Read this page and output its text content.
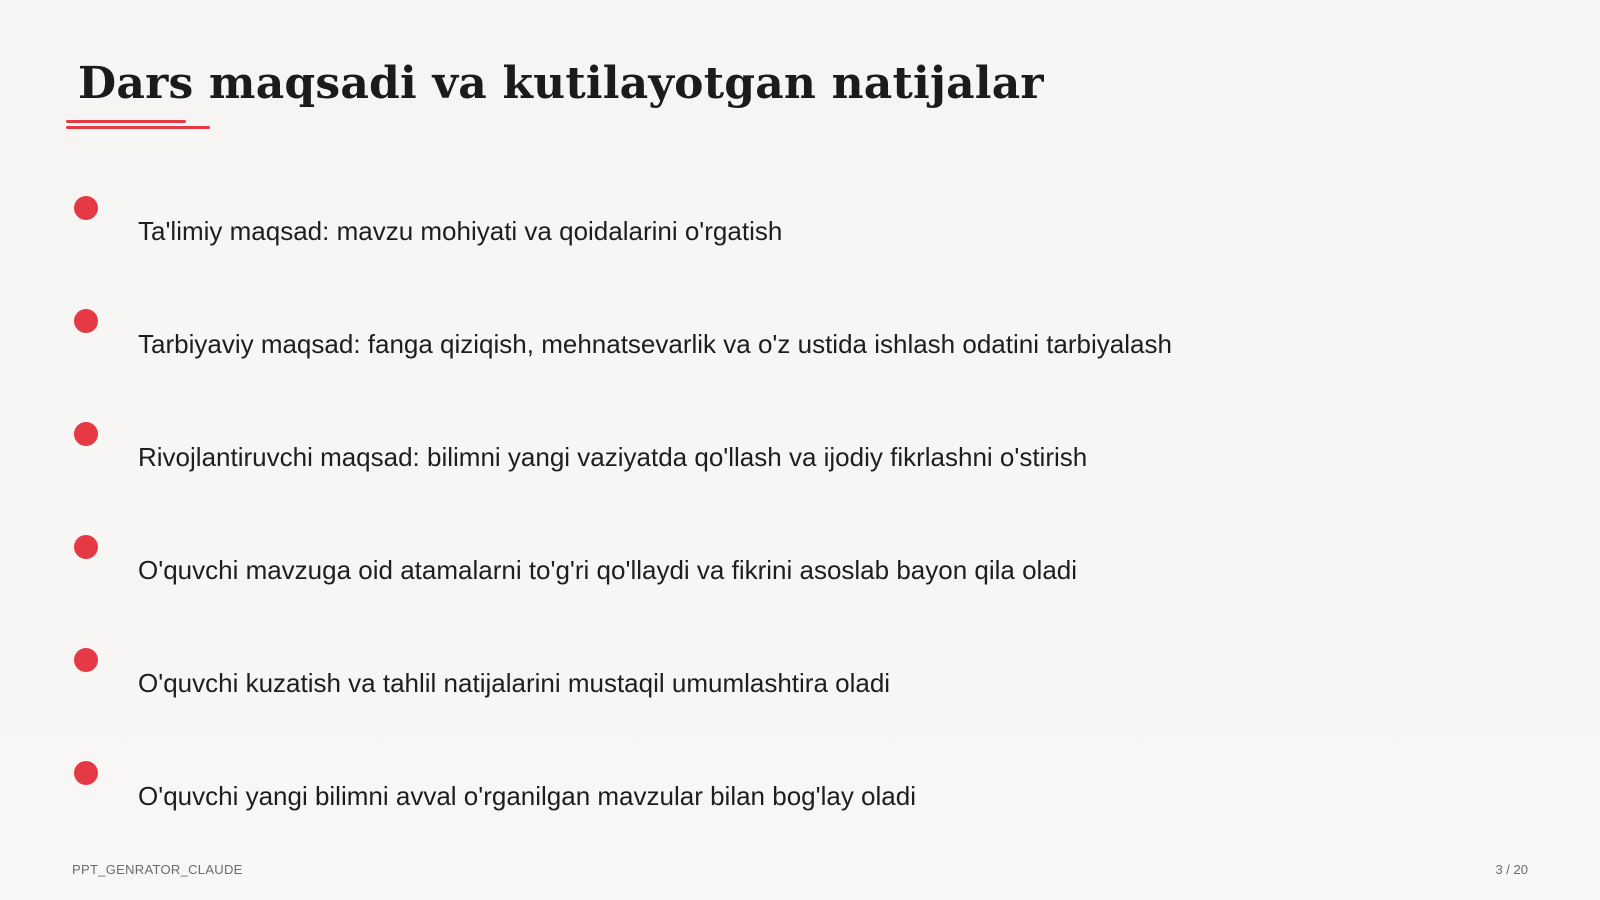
Dars maqsadi va kutilayotgan natijalar
Ta'limiy maqsad: mavzu mohiyati va qoidalarini o'rgatish
Tarbiyaviy maqsad: fanga qiziqish, mehnatsevarlik va o'z ustida ishlash odatini tarbiyalash
Rivojlantiruvchi maqsad: bilimni yangi vaziyatda qo'llash va ijodiy fikrlashni o'stirish
O'quvchi mavzuga oid atamalarni to'g'ri qo'llaydi va fikrini asoslab bayon qila oladi
O'quvchi kuzatish va tahlil natijalarini mustaqil umumlashtira oladi
O'quvchi yangi bilimni avval o'rganilgan mavzular bilan bog'lay oladi
PPT_GENRATOR_CLAUDE	3 / 20
